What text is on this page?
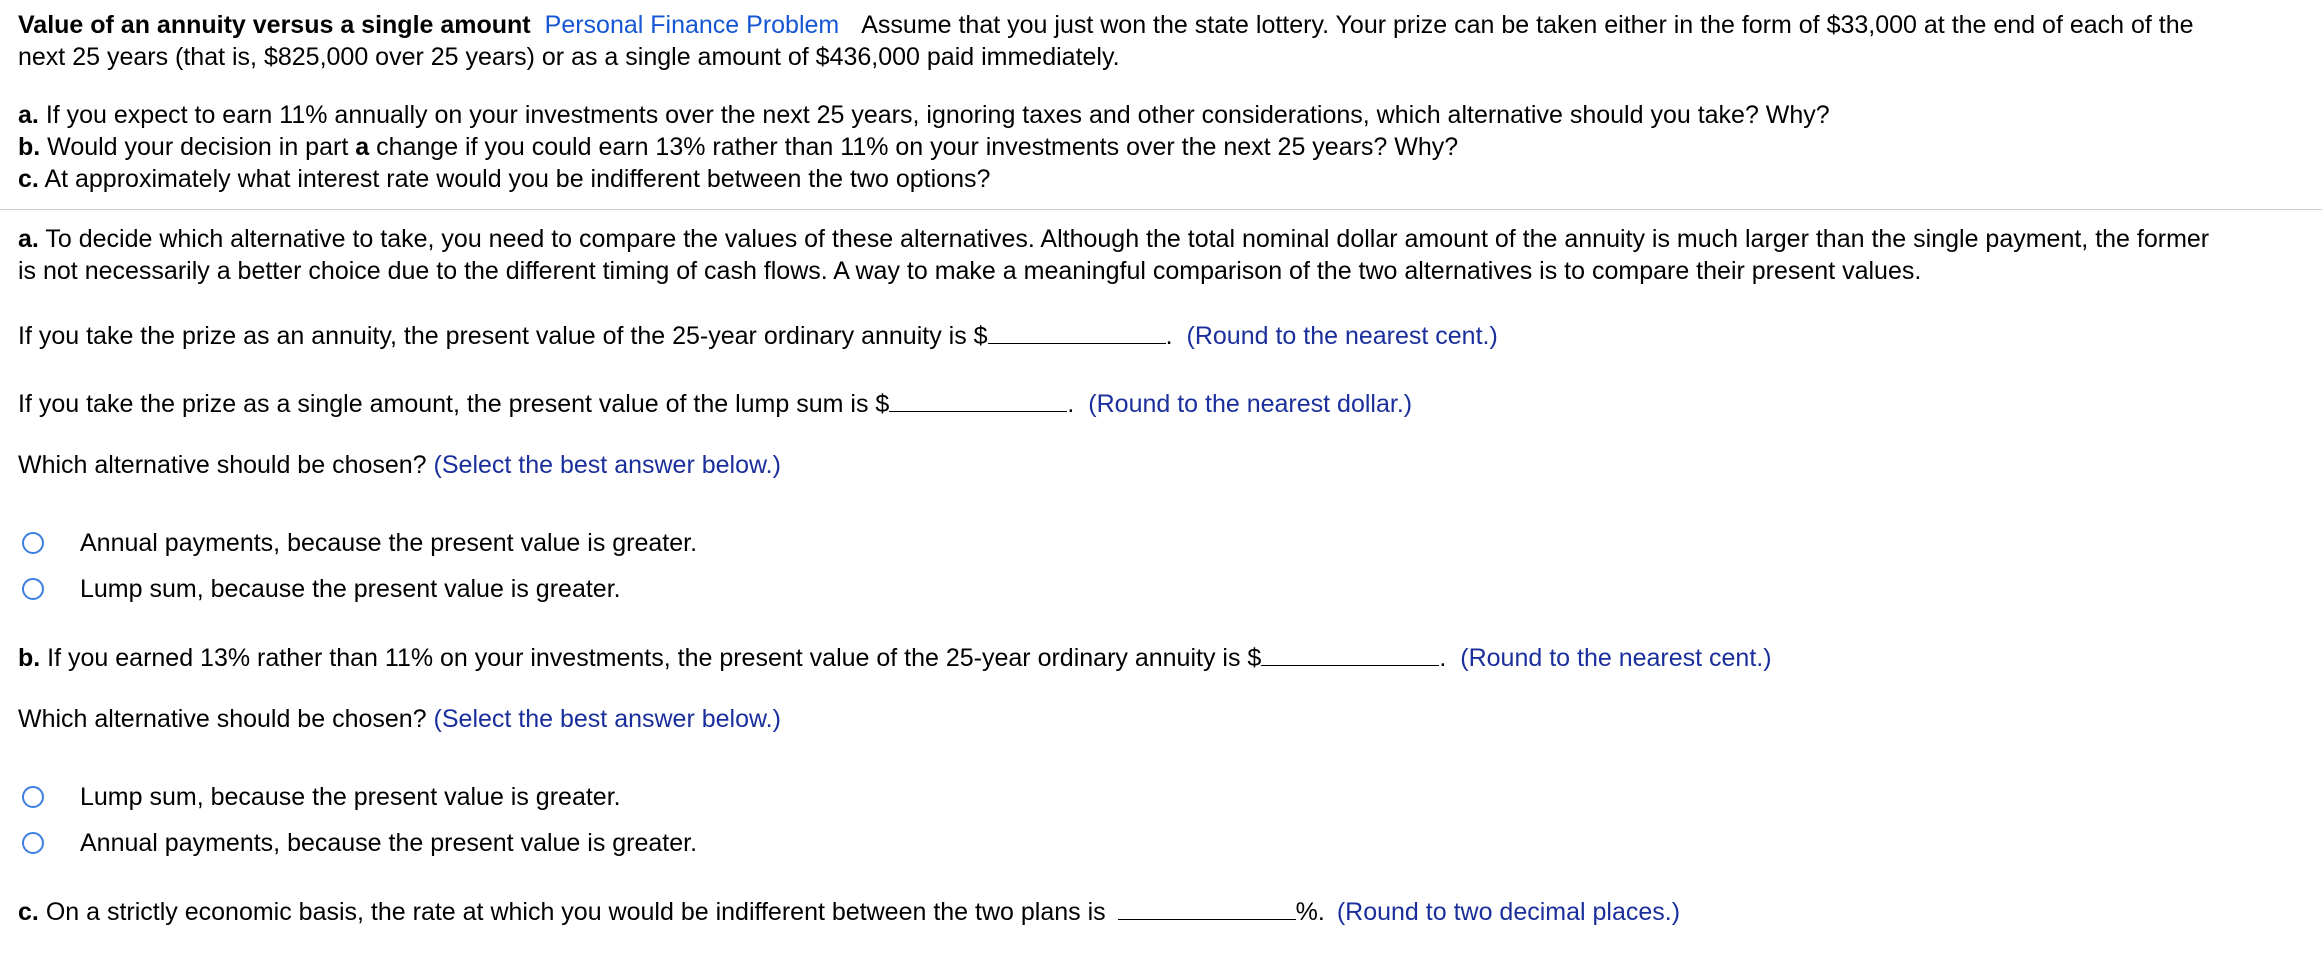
Value of an annuity versus a single amount Personal Finance Problem Assume that you just won the state lottery. Your prize can be taken either in the form of $33,000 at the end of each of the
next 25 years (that is, $825,000 over 25 years) or as a single amount of $436,000 paid immediately.
a. If you expect to earn 11% annually on your investments over the next 25 years, ignoring taxes and other considerations, which alternative should you take? Why?
b. Would your decision in part a change if you could earn 13% rather than 11% on your investments over the next 25 years? Why?
c. At approximately what interest rate would you be indifferent between the two options?
a. To decide which alternative to take, you need to compare the values of these alternatives. Although the total nominal dollar amount of the annuity is much larger than the single payment, the former
is not necessarily a better choice due to the different timing of cash flows. A way to make a meaningful comparison of the two alternatives is to compare their present values.
If you take the prize as an annuity, the present value of the 25-year ordinary annuity is $	. (Round to the nearest cent.)
If you take the prize as a single amount, the present value of the lump sum is $	. (Round to the nearest dollar.)
Which alternative should be chosen? (Select the best answer below.)
Annual payments, because the present value is greater.
Lump sum, because the present value is greater.
b. If you earned 13% rather than 11% on your investments, the present value of the 25-year ordinary annuity is $	. (Round to the nearest cent.)
Which alternative should be chosen? (Select the best answer below.)
Lump sum, because the present value is greater.
Annual payments, because the present value is greater.
c. On a strictly economic basis, the rate at which you would be indifferent between the two plans is	%. (Round to two decimal places.)
